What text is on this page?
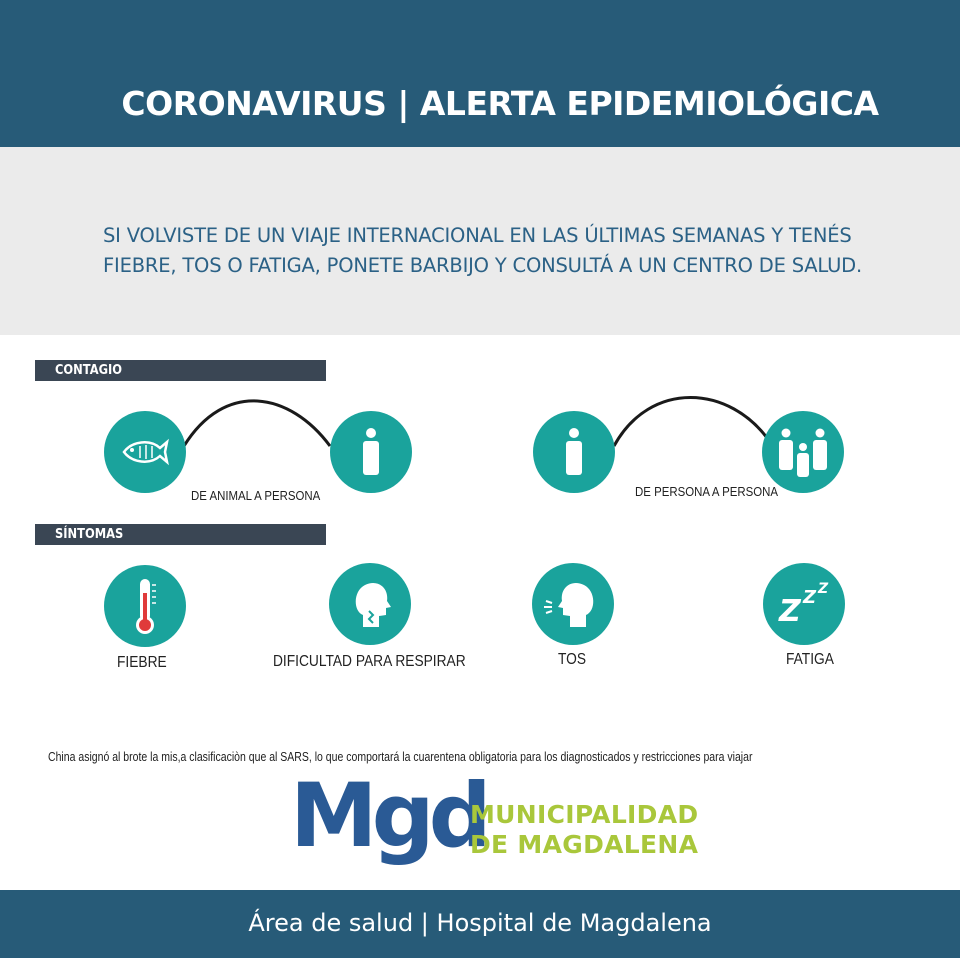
CORONAVIRUS | ALERTA EPIDEMIOLÓGICA
SI VOLVISTE DE UN VIAJE INTERNACIONAL EN LAS ÚLTIMAS SEMANAS Y TENÉS FIEBRE, TOS O FATIGA, PONETE BARBIJO Y CONSULTÁ A UN CENTRO DE SALUD.
CONTAGIO
DE ANIMAL A PERSONA	DE PERSONA A PERSONA
SÍNTOMAS
FIEBRE	DIFICULTAD PARA RESPIRAR	TOS
Z Z Z
FATIGA
China asignó al brote la mis,a clasificaciòn que al SARS, lo que comportará la cuarentena obligatoria para los diagnosticados y restricciones para viajar
Mgd
MUNICIPALIDAD
DE MAGDALENA
Área de salud | Hospital de Magdalena
